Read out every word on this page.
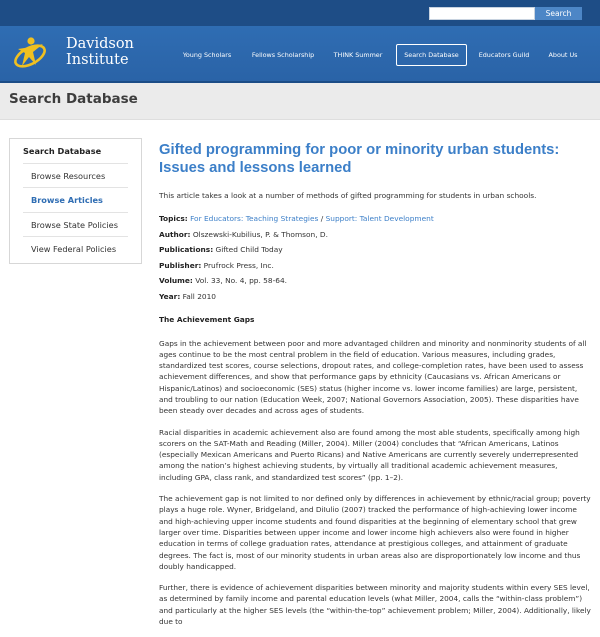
Search
Davidson
Institute	Young Scholars	Fellows Scholarship	THINK Summer	Search Database	Educators Guild	About Us
Search Database
Search Database
Browse Resources
Browse Articles
Browse State Policies
View Federal Policies
Gifted programming for poor or minority urban students: Issues and lessons learned

This article takes a look at a number of methods of gifted programming for students in urban schools.

Topics: For Educators: Teaching Strategies / Support: Talent Development
Author: Olszewski-Kubilius, P. & Thomson, D.
Publications: Gifted Child Today
Publisher: Prufrock Press, Inc.
Volume: Vol. 33, No. 4, pp. 58-64.
Year: Fall 2010
The Achievement Gaps

Gaps in the achievement between poor and more advantaged children and minority and nonminority students of all ages continue to be the most central problem in the field of education. Various measures, including grades, standardized test scores, course selections, dropout rates, and college-completion rates, have been used to assess achievement differences, and show that performance gaps by ethnicity (Caucasians vs. African Americans or Hispanic/Latinos) and socioeconomic (SES) status (higher income vs. lower income families) are large, persistent, and troubling to our nation (Education Week, 2007; National Governors Association, 2005). These disparities have been steady over decades and across ages of students.

Racial disparities in academic achievement also are found among the most able students, specifically among high scorers on the SAT-Math and Reading (Miller, 2004). Miller (2004) concludes that “African Americans, Latinos (especially Mexican Americans and Puerto Ricans) and Native Americans are currently severely underrepresented among the nation’s highest achieving students, by virtually all traditional academic achievement measures, including GPA, class rank, and standardized test scores” (pp. 1–2).

The achievement gap is not limited to nor defined only by differences in achievement by ethnic/racial group; poverty plays a huge role. Wyner, Bridgeland, and DiIulio (2007) tracked the performance of high-achieving lower income and high-achieving upper income students and found disparities at the beginning of elementary school that grew larger over time. Disparities between upper income and lower income high achievers also were found in higher education in terms of college graduation rates, attendance at prestigious colleges, and attainment of graduate degrees. The fact is, most of our minority students in urban areas also are disproportionately low income and thus doubly handicapped.

Further, there is evidence of achievement disparities between minority and majority students within every SES level, as determined by family income and parental education levels (what Miller, 2004, calls the “within-class problem”) and particularly at the higher SES levels (the “within-the-top” achievement problem; Miller, 2004). Additionally, likely due to
